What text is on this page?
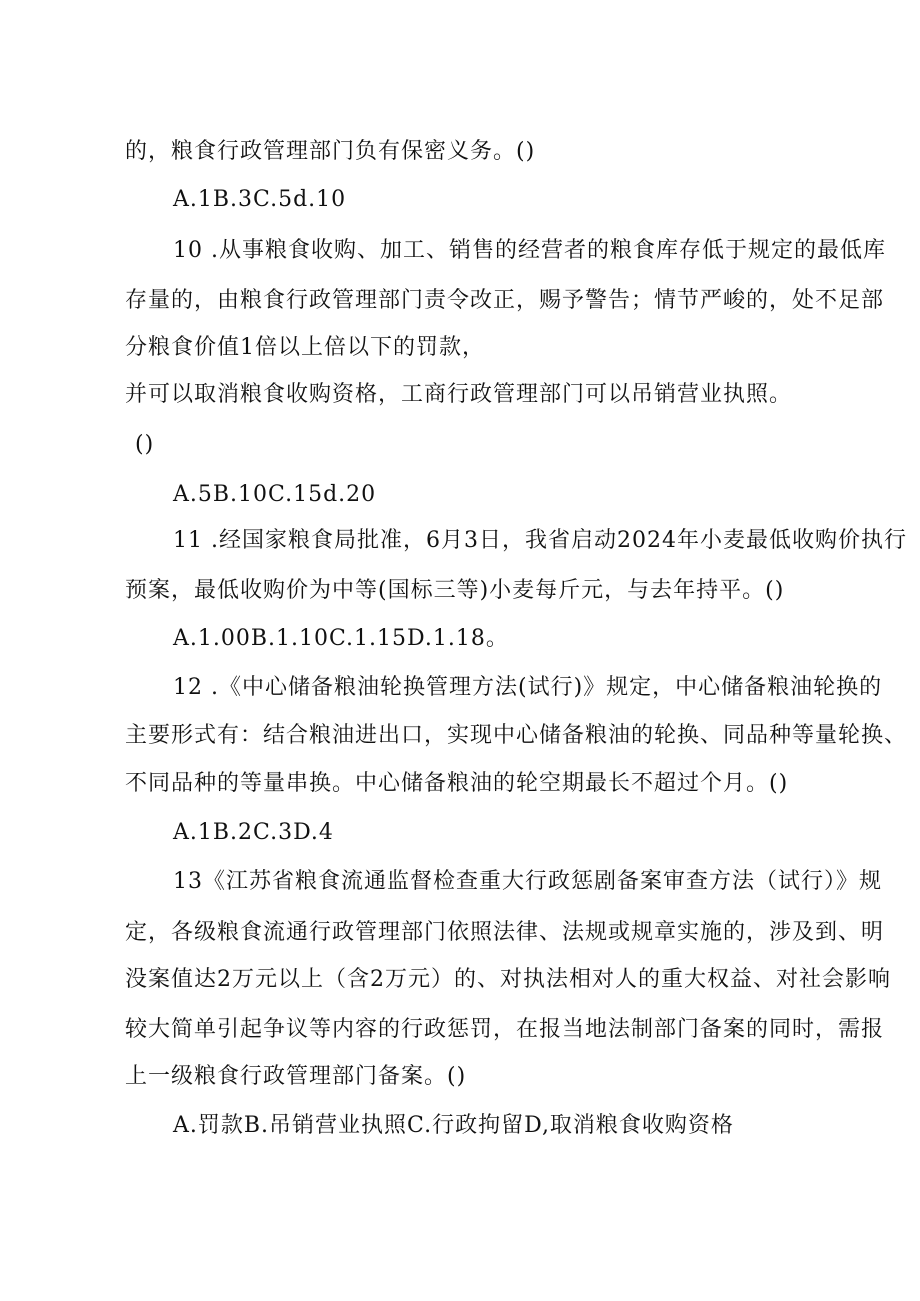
的，粮食行政管理部门负有保密义务。()
A.1B.3C.5d.10
10 .从事粮食收购、加工、销售的经营者的粮食库存低于规定的最低库
存量的，由粮食行政管理部门责令改正，赐予警告；情节严峻的，处不足部
分粮食价值1倍以上倍以下的罚款，
并可以取消粮食收购资格，工商行政管理部门可以吊销营业执照。
()
A.5B.10C.15d.20
11 .经国家粮食局批准，6月3日，我省启动2024年小麦最低收购价执行
预案，最低收购价为中等(国标三等)小麦每斤元，与去年持平。()
A.1.00B.1.10C.1.15D.1.18。
12 .《中心储备粮油轮换管理方法(试行)》规定，中心储备粮油轮换的
主要形式有：结合粮油进出口，实现中心储备粮油的轮换、同品种等量轮换、
不同品种的等量串换。中心储备粮油的轮空期最长不超过个月。()
A.1B.2C.3D.4
13《江苏省粮食流通监督检查重大行政惩剧备案审查方法（试行）》规
定，各级粮食流通行政管理部门依照法律、法规或规章实施的，涉及到、明
没案值达2万元以上（含2万元）的、对执法相对人的重大权益、对社会影响
较大简单引起争议等内容的行政惩罚，在报当地法制部门备案的同时，需报
上一级粮食行政管理部门备案。()
A.罚款B.吊销营业执照C.行政拘留D,取消粮食收购资格
